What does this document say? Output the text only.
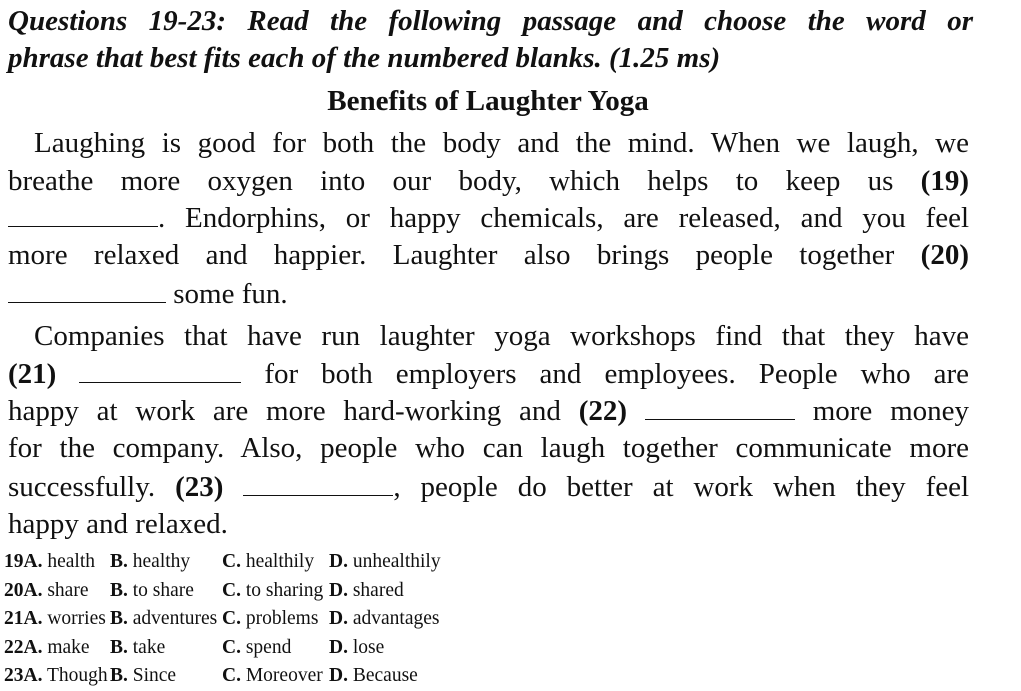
Questions 19-23: Read the following passage and choose the word or
phrase that best fits each of the numbered blanks. (1.25 ms)
Benefits of Laughter Yoga
Laughing is good for both the body and the mind. When we laugh, we
breathe more oxygen into our body, which helps to keep us (19)
. Endorphins, or happy chemicals, are released, and you feel
more relaxed and happier. Laughter also brings people together (20)
some fun.
Companies that have run laughter yoga workshops find that they have
(21)	for both employers and employees. People who are
happy at work are more hard-working and (22)	more money
for the company. Also, people who can laugh together communicate more
successfully. (23)	, people do better at work when they feel
happy and relaxed.
19A. health B. healthy C. healthily D. unhealthily
20A. share B. to share C. to sharing D. shared
21A. worries B. adventures C. problems D. advantages
22A. make B. take	C. spend D. lose
23A. Though B. Since C. Moreover D. Because
